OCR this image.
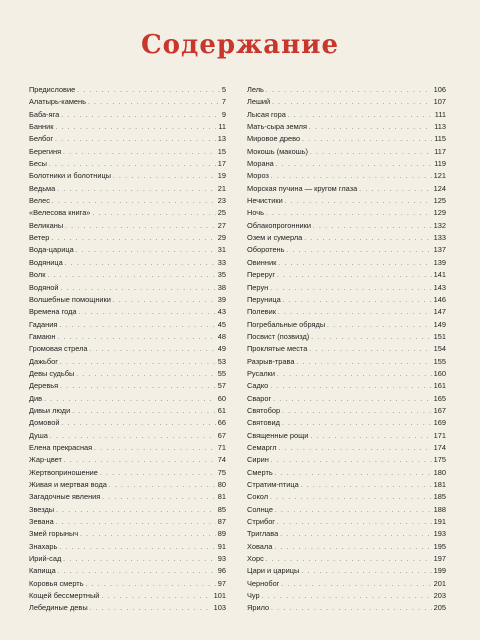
Содержание
Предисловие . . .	5
Алатырь-камень . . .	7
Баба-яга . . .	9
Банник . . .	11
Белбог . . .	13
Берегиня . . .	15
Бесы . . .	17
Болотники и болотницы . . .	19
Ведьма . . .	21
Велес . . .	23
«Велесова книга» . . .	25
Великаны . . .	27
Ветер . . .	29
Вода-царица . . .	31
Водяница . . .	33
Волк . . .	35
Водяной . . .	38
Волшебные помощники . . .	39
Времена года . . .	43
Гадания . . .	45
Гамаюн . . .	48
Громовая стрела . . .	49
Дажьбог . . .	53
Девы судьбы . . .	55
Деревья . . .	57
Див . . .	60
Дивьи люди . . .	61
Домовой . . .	66
Душа . . .	67
Елена прекрасная . . .	71
Жар-цвет . . .	74
Жертвоприношение . . .	75
Живая и мертвая вода . . .	80
Загадочные явления . . .	81
Звезды . . .	85
Зевана . . .	87
Змей горыныч . . .	89
Знахарь . . .	91
Ирий-сад . . .	93
Капища . . .	96
Коровья смерть . . .	97
Кощей бессмертный . . .	101
Лебединые девы . . .	103
Лель . . .	106
Леший . . .	107
Лысая гора . . .	111
Мать-сыра земля . . .	113
Мировое древо . . .	115
Мокошь (макошь) . . .	117
Морана . . .	119
Мороз . . .	121
Морская пучина — кругом глаза . . .	124
Нечистики . . .	125
Ночь . . .	129
Облакопрогонники . . .	132
Озем и сумерла . . .	133
Оборотень . . .	137
Овинник . . .	139
Переруг . . .	141
Перун . . .	143
Перуница . . .	146
Полевик . . .	147
Погребальные обряды . . .	149
Посвист (позвизд) . . .	151
Проклятые места . . .	154
Разрыв-трава . . .	155
Русалки . . .	160
Садко . . .	161
Сварог . . .	165
Святобор . . .	167
Святовид . . .	169
Священные рощи . . .	171
Семаргл . . .	174
Сирин . . .	175
Смерть . . .	180
Стратим-птица . . .	181
Сокол . . .	185
Солнце . . .	188
Стрибог . . .	191
Триглава . . .	193
Ховала . . .	195
Хорс . . .	197
Цари и царицы . . .	199
Чернобог . . .	201
Чур . . .	203
Ярило . . .	205
